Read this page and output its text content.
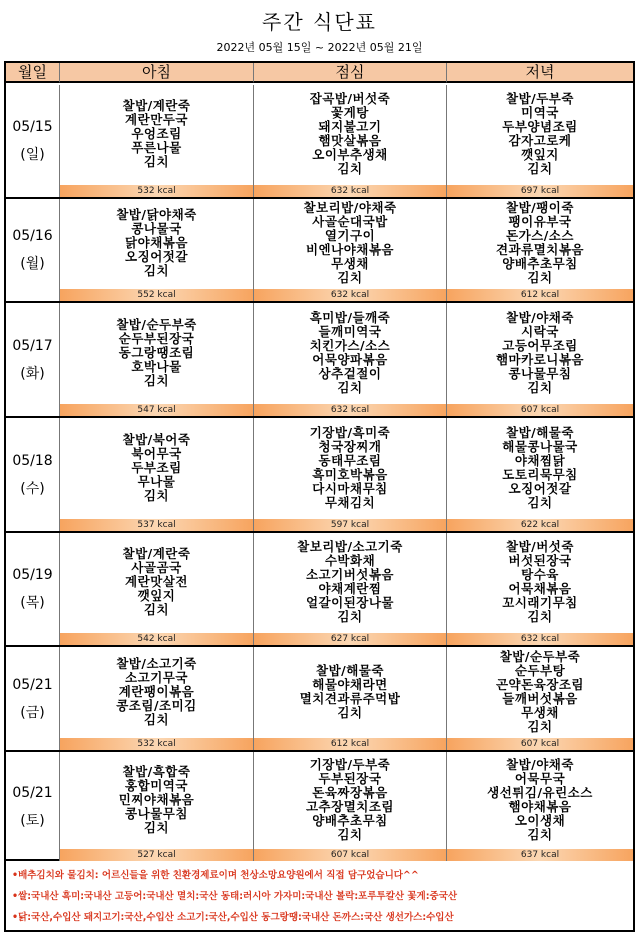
주간 식단표
2022년 05월 15일 ~ 2022년 05월 21일
월일	아침	점심	저녁
05/15
(일)
찰밥/계란죽
계란만두국
우엉조림
푸른나물
김치
532 kcal
잡곡밥/버섯죽
꽃게탕
돼지불고기
햄맛살볶음
오이부추생채
김치
632 kcal
찰밥/두부죽
미역국
두부양념조림
감자고로케
깻잎지
김치
697 kcal
05/16
(월)
찰밥/닭야채죽
콩나물국
닭야채볶음
오징어젓갈
김치
552 kcal
찰보리밥/야채죽
사골순대국밥
열기구이
비엔나야채볶음
무생채
김치
632 kcal
찰밥/팽이죽
팽이유부국
돈가스/소스
견과류멸치볶음
양배추초무침
김치
612 kcal
05/17
(화)
찰밥/순두부죽
순두부된장국
동그랑땡조림
호박나물
김치
547 kcal
흑미밥/들깨죽
들깨미역국
치킨가스/소스
어묵양파볶음
상추겉절이
김치
632 kcal
찰밥/야채죽
시락국
고등어무조림
햄마카로니볶음
콩나물무침
김치
607 kcal
05/18
(수)
찰밥/북어죽
북어무국
두부조림
무나물
김치
537 kcal
기장밥/흑미죽
청국장찌개
동태무조림
흑미호박볶음
다시마채무침
무채김치
597 kcal
찰밥/해물죽
해물콩나물국
야채찜닭
도토리묵무침
오징어젓갈
김치
622 kcal
05/19
(목)
찰밥/계란죽
사골곰국
계란맛살전
깻잎지
김치
542 kcal
찰보리밥/소고기죽
수박화채
소고기버섯볶음
야채계란찜
얼갈이된장나물
김치
627 kcal
찰밥/버섯죽
버섯된장국
탕수육
어묵채볶음
꼬시래기무침
김치
632 kcal
05/21
(금)
찰밥/소고기죽
소고기무국
계란팽이볶음
콩조림/조미김
김치
532 kcal
찰밥/해물죽
해물야채라면
멸치견과류주먹밥
김치
612 kcal
찰밥/순두부죽
순두부탕
곤약돈육장조림
들깨버섯볶음
무생채
김치
607 kcal
05/21
(토)
찰밥/흑합죽
홍합미역국
민찌야채볶음
콩나물무침
김치
527 kcal
기장밥/두부죽
두부된장국
돈육짜장볶음
고추장멸치조림
양배추초무침
김치
607 kcal
찰밥/야채죽
어묵무국
생선튀김/유린소스
햄야채볶음
오이생채
김치
637 kcal
•배추김치와 물김치: 어르신들을 위한 친환경제료이며 천상소망요양원에서 직접 담구었습니다^^
•쌀:국내산 흑미:국내산 고등어:국내산 멸치:국산 동태:러시아 가자미:국내산 볼락:포루투칼산 꽃게:중국산
•닭:국산,수입산 돼지고기:국산,수입산 소고기:국산,수입산 동그랑땡:국내산 돈까스:국산 생선가스:수입산
